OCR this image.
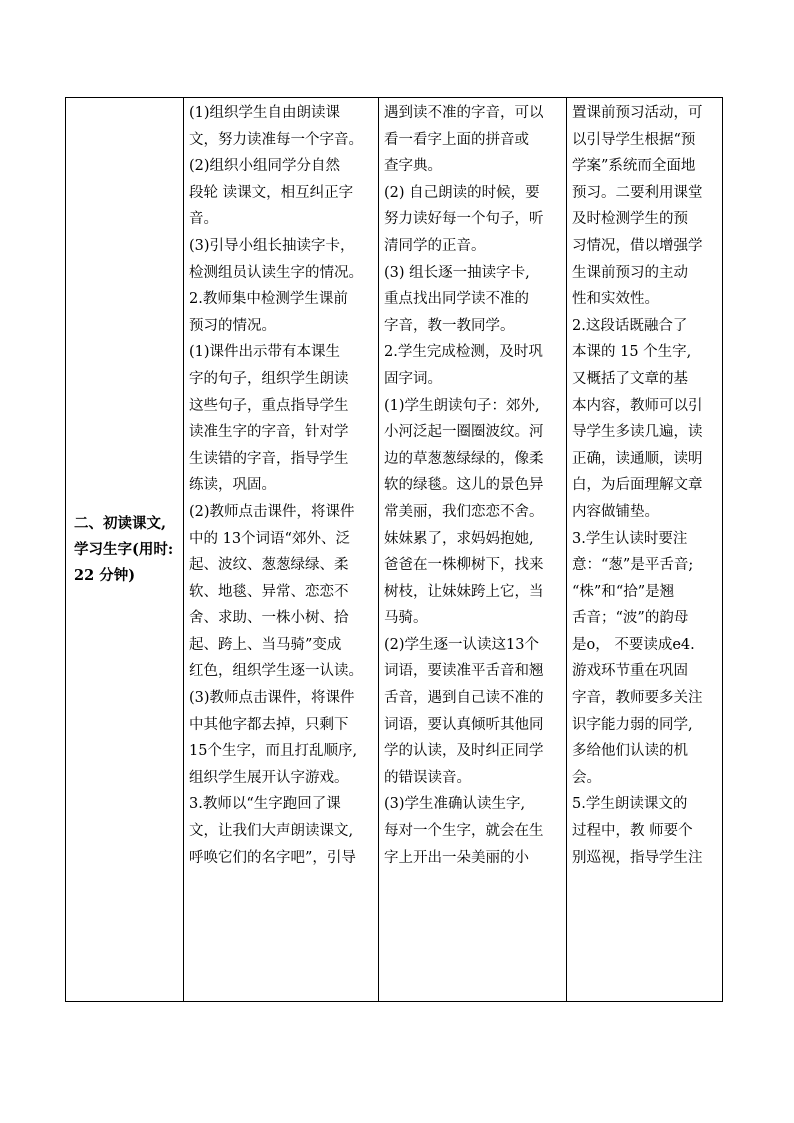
二、初读课文,
学习生字(用时:
22 分钟)

(1)组织学生自由朗读课
文，努力读准每一个字音。
(2)组织小组同学分自然
段轮 读课文，相互纠正字
音。
(3)引导小组长抽读字卡，
检测组员认读生字的情况。
2.教师集中检测学生课前
预习的情况。
(1)课件出示带有本课生
字的句子，组织学生朗读
这些句子，重点指导学生
读准生字的字音，针对学
生读错的字音，指导学生
练读，巩固。
(2)教师点击课件，将课件
中的 13个词语“郊外、泛
起、波纹、葱葱绿绿、柔
软、地毯、异常、恋恋不
舍、求助、一株小树、拾
起、跨上、当马骑”变成
红色，组织学生逐一认读。
(3)教师点击课件，将课件
中其他字都去掉，只剩下
15个生字，而且打乱顺序,
组织学生展开认字游戏。
3.教师以“生字跑回了课
文，让我们大声朗读课文,
呼唤它们的名字吧”，引导

遇到读不准的字音，可以
看一看字上面的拼音或
查字典。
(2) 自己朗读的时候，要
努力读好每一个句子，听
清同学的正音。
(3) 组长逐一抽读字卡,
重点找出同学读不准的
字音，教一教同学。
2.学生完成检测，及时巩
固字词。
(1)学生朗读句子：郊外,
小河泛起一圈圈波纹。河
边的草葱葱绿绿的，像柔
软的绿毯。这儿的景色异
常美丽，我们恋恋不舍。
妹妹累了，求妈妈抱她,
爸爸在一株柳树下，找来
树枝，让妹妹跨上它，当
马骑。
(2)学生逐一认读这13个
词语，要读准平舌音和翘
舌音，遇到自己读不准的
词语，要认真倾听其他同
学的认读，及时纠正同学
的错误读音。
(3)学生准确认读生字,
每对一个生字，就会在生
字上开出一朵美丽的小

置课前预习活动，可
以引导学生根据“预
学案”系统而全面地
预习。二要利用课堂
及时检测学生的预
习情况，借以增强学
生课前预习的主动
性和实效性。
2.这段话既融合了
本课的 15 个生字,
又概括了文章的基
本内容，教师可以引
导学生多读几遍，读
正确，读通顺，读明
白，为后面理解文章
内容做铺垫。
3.学生认读时要注
意：“葱”是平舌音;
“株”和“拾”是翘
舌音；“波”的韵母
是o， 不要读成e4.
游戏环节重在巩固
字音，教师要多关注
识字能力弱的同学,
多给他们认读的机
会。
5.学生朗读课文的
过程中，教 师要个
别巡视，指导学生注
